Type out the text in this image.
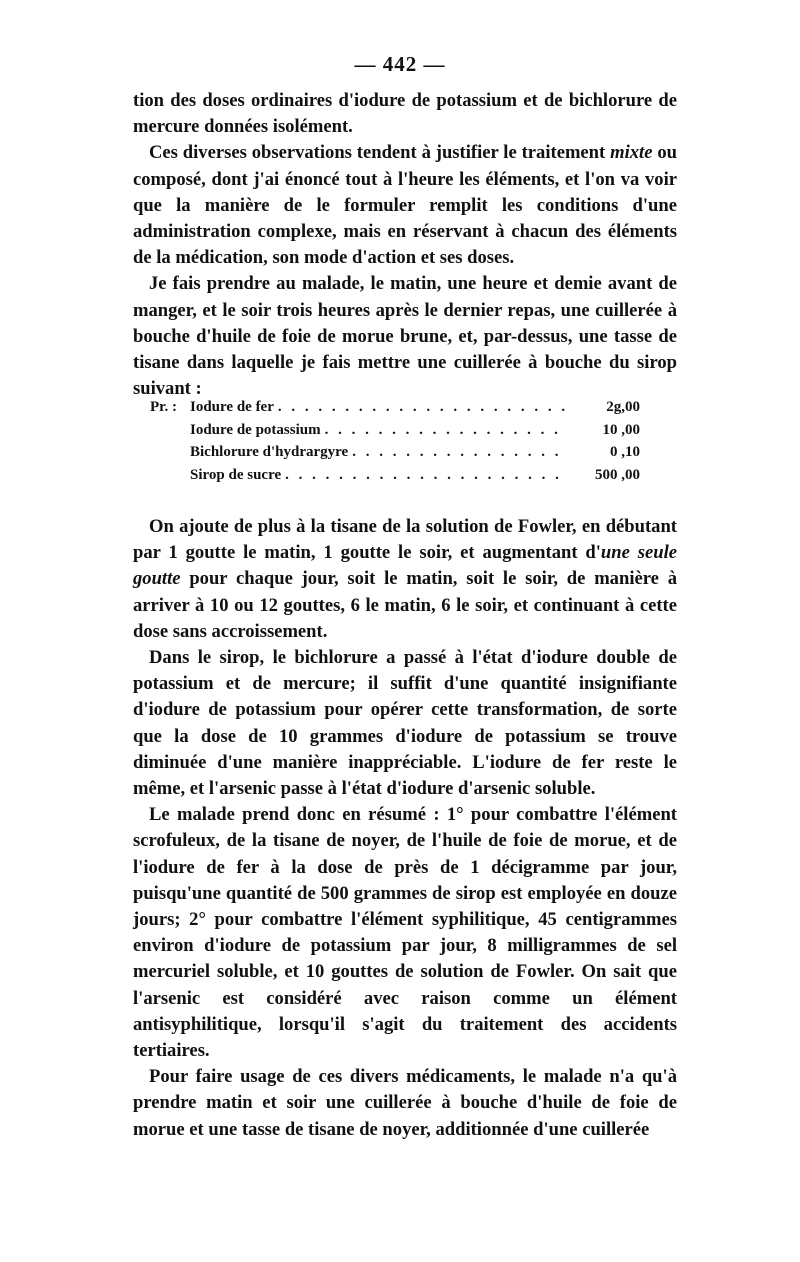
— 442 —

tion des doses ordinaires d'iodure de potassium et de bichlorure de mercure données isolément.

Ces diverses observations tendent à justifier le traitement mixte ou composé, dont j'ai énoncé tout à l'heure les éléments, et l'on va voir que la manière de le formuler remplit les conditions d'une administration complexe, mais en réservant à chacun des éléments de la médication, son mode d'action et ses doses.

Je fais prendre au malade, le matin, une heure et demie avant de manger, et le soir trois heures après le dernier repas, une cuillerée à bouche d'huile de foie de morue brune, et, par-dessus, une tasse de tisane dans laquelle je fais mettre une cuillerée à bouche du sirop suivant :

Pr. : Iodure de fer . . .	2g,00
Iodure de potassium . . .	10 ,00
Bichlorure d'hydrargyre . . .	0 ,10
Sirop de sucre . . .	500 ,00

On ajoute de plus à la tisane de la solution de Fowler, en débutant par 1 goutte le matin, 1 goutte le soir, et augmentant d'une seule goutte pour chaque jour, soit le matin, soit le soir, de manière à arriver à 10 ou 12 gouttes, 6 le matin, 6 le soir, et continuant à cette dose sans accroissement.

Dans le sirop, le bichlorure a passé à l'état d'iodure double de potassium et de mercure; il suffit d'une quantité insignifiante d'iodure de potassium pour opérer cette transformation, de sorte que la dose de 10 grammes d'iodure de potassium se trouve diminuée d'une manière inappréciable. L'iodure de fer reste le même, et l'arsenic passe à l'état d'iodure d'arsenic soluble.

Le malade prend donc en résumé : 1° pour combattre l'élément scrofuleux, de la tisane de noyer, de l'huile de foie de morue, et de l'iodure de fer à la dose de près de 1 décigramme par jour, puisqu'une quantité de 500 grammes de sirop est employée en douze jours; 2° pour combattre l'élément syphilitique, 45 centigrammes environ d'iodure de potassium par jour, 8 milligrammes de sel mercuriel soluble, et 10 gouttes de solution de Fowler. On sait que l'arsenic est considéré avec raison comme un élément antisyphilitique, lorsqu'il s'agit du traitement des accidents tertiaires.

Pour faire usage de ces divers médicaments, le malade n'a qu'à prendre matin et soir une cuillerée à bouche d'huile de foie de morue et une tasse de tisane de noyer, additionnée d'une cuillerée
